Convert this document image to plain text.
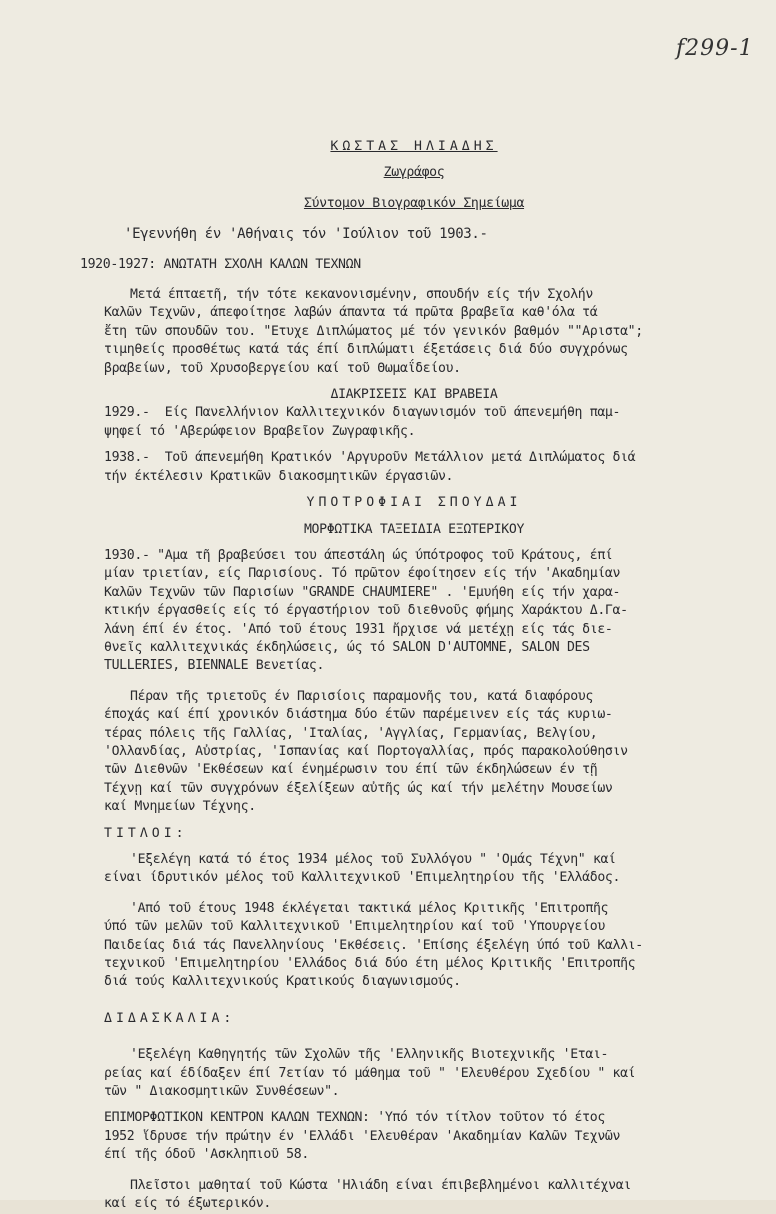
f299-1
ΚΩΣΤΑΣ ΗΛΙΑΔΗΣ
Ζωγράφος
Σύντομον Βιογραφικόν Σημείωμα
'Εγεννήθη έν 'Αθήναις τόν 'Ιούλιον τοῦ 1903.-
1920-1927: ΑΝΩΤΑΤΗ ΣΧΟΛΗ ΚΑΛΩΝ ΤΕΧΝΩΝ
Μετά έπταετῆ, τήν τότε κεκανονισμένην, σπουδήν είς τήν Σχολήν
Καλῶν Τεχνῶν, άπεφοίτησε λαβών άπαντα τά πρῶτα βραβεῖα καθ'όλα τά
ἔτη τῶν σπουδῶν του. "Ετυχε Διπλώματος μέ τόν γενικόν βαθμόν ""Αριστα";
τιμηθείς προσθέτως κατά τάς έπί διπλώματι έξετάσεις διά δύο συγχρόνως
βραβείων, τοῦ Χρυσοβεργείου καί τοῦ Θωμαΐδείου.
ΔΙΑΚΡΙΣΕΙΣ ΚΑΙ ΒΡΑΒΕΙΑ
1929.-  Είς Πανελλήνιον Καλλιτεχνικόν διαγωνισμόν τοῦ άπενεμήθη παμ-
ψηφεί τό 'Αβερώφειον Βραβεῖον Ζωγραφικῆς.
1938.-  Τοῦ άπενεμήθη Κρατικόν 'Αργυροῦν Μετάλλιον μετά Διπλώματος διά
τήν έκτέλεσιν Κρατικῶν διακοσμητικῶν έργασιῶν.
ΥΠΟΤΡΟΦΙΑΙ ΣΠΟΥΔΑΙ
ΜΟΡΦΩΤΙΚΑ ΤΑΞΕΙΔΙΑ ΕΞΩΤΕΡΙΚΟΥ
1930.- "Αμα τῆ βραβεύσει του άπεστάλη ώς ύπότροφος τοῦ Κράτους, έπί
μίαν τριετίαν, είς Παρισίους. Τό πρῶτον έφοίτησεν είς τήν 'Ακαδημίαν
Καλῶν Τεχνῶν τῶν Παρισίων "GRANDE CHAUMIERE" . 'Εμυήθη είς τήν χαρα-
κτικήν έργασθείς είς τό έργαστήριον τοῦ διεθνοῦς φήμης Χαράκτου Δ.Γα-
λάνη έπί έν έτος. 'Από τοῦ έτους 1931 ἤρχισε νά μετέχῃ είς τάς διε-
θνεῖς καλλιτεχνικάς έκδηλώσεις, ώς τό SALON D'AUTOMNE, SALON DES
TULLERIES, BIENNALE Βενετίας.
Πέραν τῆς τριετοῦς έν Παρισίοις παραμονῆς του, κατά διαφόρους
έποχάς καί έπί χρονικόν διάστημα δύο έτῶν παρέμεινεν είς τάς κυριω-
τέρας πόλεις τῆς Γαλλίας, 'Ιταλίας, 'Αγγλίας, Γερμανίας, Βελγίου,
'Ολλανδίας, Αὐστρίας, 'Ισπανίας καί Πορτογαλλίας, πρός παρακολούθησιν
τῶν Διεθνῶν 'Εκθέσεων καί ένημέρωσιν του έπί τῶν έκδηλώσεων έν τῇ
Τέχνῃ καί τῶν συγχρόνων έξελίξεων αὐτῆς ώς καί τήν μελέτην Μουσείων
καί Μνημείων Τέχνης.
ΤΙΤΛΟΙ:
'Εξελέγη κατά τό έτος 1934 μέλος τοῦ Συλλόγου " 'Ομάς Τέχνη" καί
είναι ίδρυτικόν μέλος τοῦ Καλλιτεχνικοῦ 'Επιμελητηρίου τῆς 'Ελλάδος.
'Από τοῦ έτους 1948 έκλέγεται τακτικά μέλος Κριτικῆς 'Επιτροπῆς
ύπό τῶν μελῶν τοῦ Καλλιτεχνικοῦ 'Επιμελητηρίου καί τοῦ 'Υπουργείου
Παιδείας διά τάς Πανελληνίους 'Εκθέσεις. 'Επίσης έξελέγη ύπό τοῦ Καλλι-
τεχνικοῦ 'Επιμελητηρίου 'Ελλάδος διά δύο έτη μέλος Κριτικῆς 'Επιτροπῆς
διά τούς Καλλιτεχνικούς Κρατικούς διαγωνισμούς.
ΔΙΔΑΣΚΑΛΙΑ:
'Εξελέγη Καθηγητής τῶν Σχολῶν τῆς 'Ελληνικῆς Βιοτεχνικῆς 'Εται-
ρείας καί έδίδαξεν έπί 7ετίαν τό μάθημα τοῦ " 'Ελευθέρου Σχεδίου " καί
τῶν " Διακοσμητικῶν Συνθέσεων".
ΕΠΙΜΟΡΦΩΤΙΚΟΝ ΚΕΝΤΡΟΝ ΚΑΛΩΝ ΤΕΧΝΩΝ: 'Υπό τόν τίτλον τοῦτον τό έτος
1952 ἵδρυσε τήν πρώτην έν 'Ελλάδι 'Ελευθέραν 'Ακαδημίαν Καλῶν Τεχνῶν
έπί τῆς όδοῦ 'Ασκληπιοῦ 58.
Πλεῖστοι μαθηταί τοῦ Κώστα 'Ηλιάδη είναι έπιβεβλημένοι καλλιτέχναι
καί είς τό έξωτερικόν.
